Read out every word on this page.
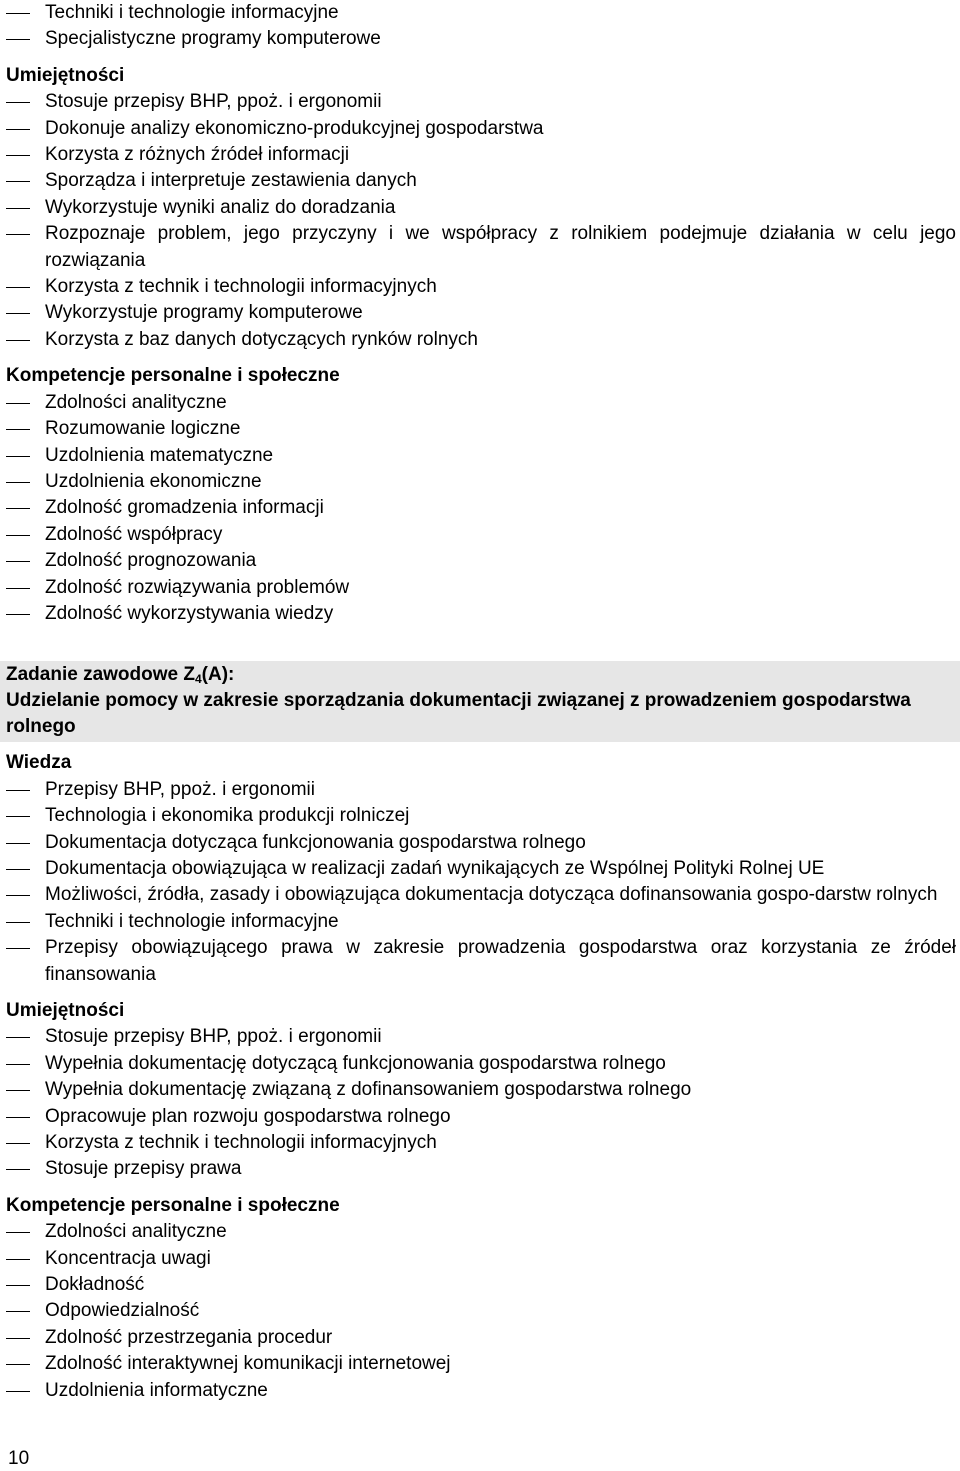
Techniki i technologie informacyjne
Specjalistyczne programy komputerowe

Umiejętności

Stosuje przepisy BHP, ppoż. i ergonomii
Dokonuje analizy ekonomiczno-produkcyjnej gospodarstwa
Korzysta z różnych źródeł informacji
Sporządza i interpretuje zestawienia danych
Wykorzystuje wyniki analiz do doradzania
Rozpoznaje problem, jego przyczyny i we współpracy z rolnikiem podejmuje działania w celu jego rozwiązania
Korzysta z technik i technologii informacyjnych
Wykorzystuje programy komputerowe
Korzysta z baz danych dotyczących rynków rolnych

Kompetencje personalne i społeczne

Zdolności analityczne
Rozumowanie logiczne
Uzdolnienia matematyczne
Uzdolnienia ekonomiczne
Zdolność gromadzenia informacji
Zdolność współpracy
Zdolność prognozowania
Zdolność rozwiązywania problemów
Zdolność wykorzystywania wiedzy
Zadanie zawodowe $Z_4(A)$:
Udzielanie pomocy w zakresie sporządzania dokumentacji związanej z prowadzeniem gospodarstwa rolnego

Wiedza

Przepisy BHP, ppoż. i ergonomii
Technologia i ekonomika produkcji rolniczej
Dokumentacja dotycząca funkcjonowania gospodarstwa rolnego
Dokumentacja obowiązująca w realizacji zadań wynikających ze Wspólnej Polityki Rolnej UE
Możliwości, źródła, zasady i obowiązująca dokumentacja dotycząca dofinansowania gospo-darstw rolnych
Techniki i technologie informacyjne
Przepisy obowiązującego prawa w zakresie prowadzenia gospodarstwa oraz korzystania ze źródeł finansowania

Umiejętności

Stosuje przepisy BHP, ppoż. i ergonomii
Wypełnia dokumentację dotyczącą funkcjonowania gospodarstwa rolnego
Wypełnia dokumentację związaną z dofinansowaniem gospodarstwa rolnego
Opracowuje plan rozwoju gospodarstwa rolnego
Korzysta z technik i technologii informacyjnych
Stosuje przepisy prawa

Kompetencje personalne i społeczne

Zdolności analityczne
Koncentracja uwagi
Dokładność
Odpowiedzialność
Zdolność przestrzegania procedur
Zdolność interaktywnej komunikacji internetowej
Uzdolnienia informatyczne
10
